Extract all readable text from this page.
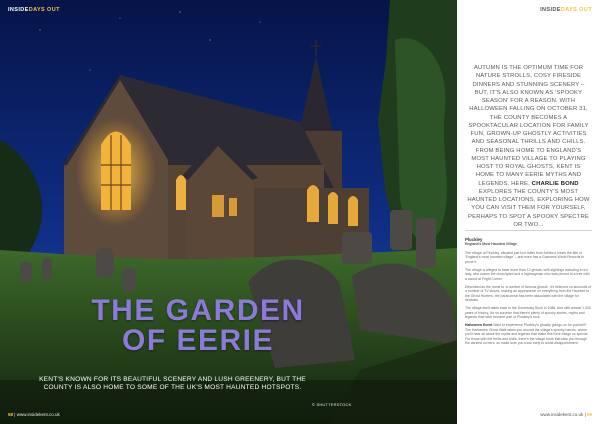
INSIDEDAYS OUT
THE GARDEN
OF EERIE
KENT'S KNOWN FOR ITS BEAUTIFUL SCENERY AND LUSH GREENERY, BUT THE COUNTY IS ALSO HOME TO SOME OF THE UK'S MOST HAUNTED HOTSPOTS.
© SHUTTERSTOCK
58 | www.insidekent.co.uk
INSIDEDAYS OUT
AUTUMN IS THE OPTIMUM TIME FOR NATURE STROLLS, COSY FIRESIDE DINNERS AND STUNNING SCENERY – BUT, IT'S ALSO KNOWN AS 'SPOOKY SEASON' FOR A REASON. WITH HALLOWEEN FALLING ON OCTOBER 31, THE COUNTY BECOMES A SPOOKTACULAR LOCATION FOR FAMILY FUN, GROWN-UP GHOSTLY ACTIVITIES AND SEASONAL THRILLS AND CHILLS. FROM BEING HOME TO ENGLAND'S MOST HAUNTED VILLAGE TO PLAYING HOST TO ROYAL GHOSTS, KENT IS HOME TO MANY EERIE MYTHS AND LEGENDS. HERE, CHARLIE BOND EXPLORES THE COUNTY'S MOST HAUNTED LOCATIONS, EXPLORING HOW YOU CAN VISIT THEM FOR YOURSELF, PERHAPS TO SPOT A SPOOKY SPECTRE OR TWO...
Pluckley
England's Most Haunted Village

The village of Pluckley, situated just four miles from Ashford, bears the title of 'England's most haunted village' – and even has a Guinness World Records to prove it.

The village is alleged to have more than 12 ghosts, with sightings including a red lady, who roams the churchyard and a highwayman who was pinned to a tree with a sword at Fright Corner.

Described as the home to 'a number of famous ghosts', it's believed on accounts of a number of TV shows, making an appearance on everything from the Haunted to the Ghost Hunters, the paranormal has been associated with the village for decades.

The village itself dates back to the Domesday Book in 1086. And with almost 1,000 years of history, it's no surprise that there's plenty of spooky stories, myths and legends that have become part of Pluckley's soul.

Halloween Event Want to experience Pluckley's ghostly goings-on for yourself? The Halloween Ghost Walk takes you around the village's spooky haunts, where you'll hear all about the myths and legends that make this Kent village so special. For those with the thrills and chills, there's the village tours that take you through the darkest corners, so make sure you book early to avoid disappointment.

www.insidekent.co.uk | 59
